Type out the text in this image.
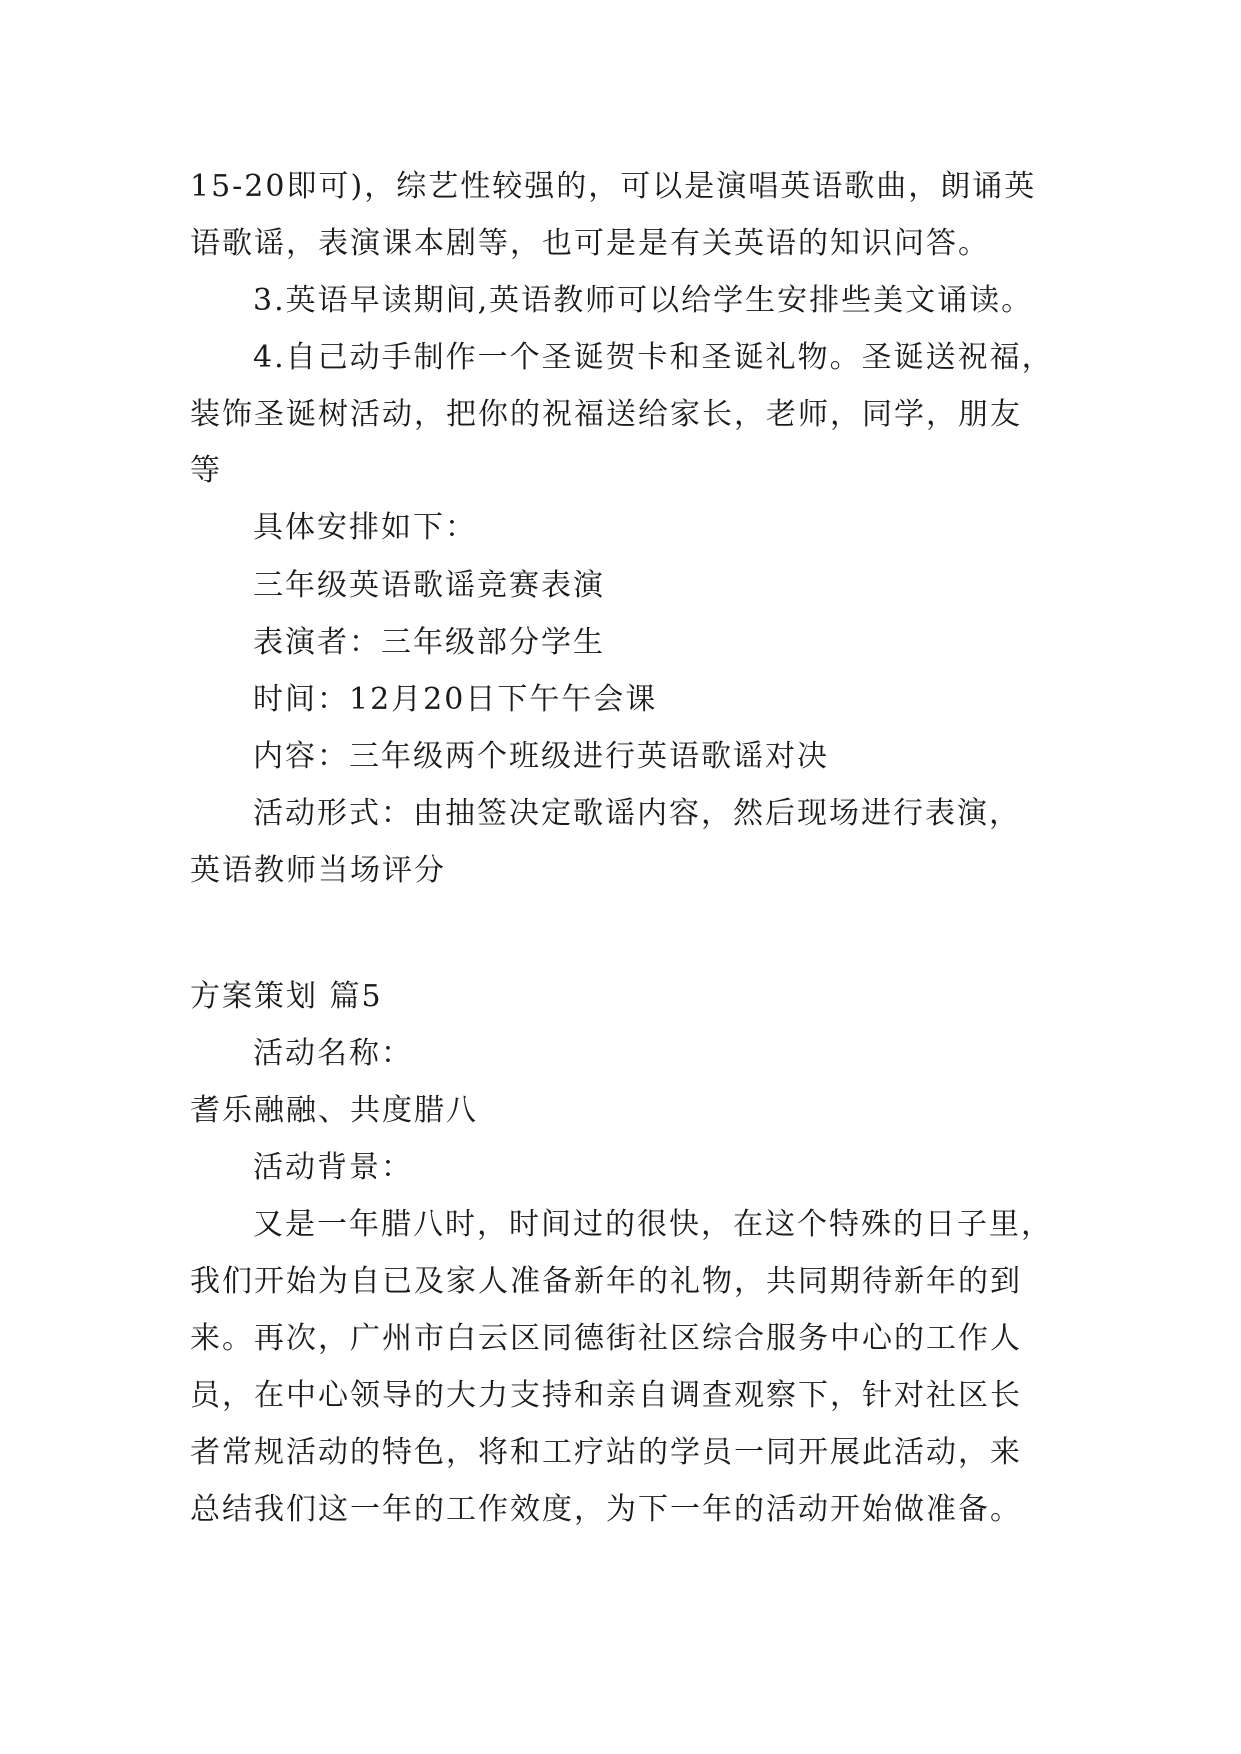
15-20即可)，综艺性较强的，可以是演唱英语歌曲，朗诵英
语歌谣，表演课本剧等，也可是是有关英语的知识问答。
3.英语早读期间,英语教师可以给学生安排些美文诵读。
4.自己动手制作一个圣诞贺卡和圣诞礼物。圣诞送祝福，
装饰圣诞树活动，把你的祝福送给家长，老师，同学，朋友
等
具体安排如下：
三年级英语歌谣竞赛表演
表演者：三年级部分学生
时间：12月20日下午午会课
内容：三年级两个班级进行英语歌谣对决
活动形式：由抽签决定歌谣内容，然后现场进行表演，
英语教师当场评分
方案策划 篇5
活动名称：
耆乐融融、共度腊八
活动背景：
又是一年腊八时，时间过的很快，在这个特殊的日子里，
我们开始为自已及家人准备新年的礼物，共同期待新年的到
来。再次，广州市白云区同德街社区综合服务中心的工作人
员，在中心领导的大力支持和亲自调查观察下，针对社区长
者常规活动的特色，将和工疗站的学员一同开展此活动，来
总结我们这一年的工作效度，为下一年的活动开始做准备。
